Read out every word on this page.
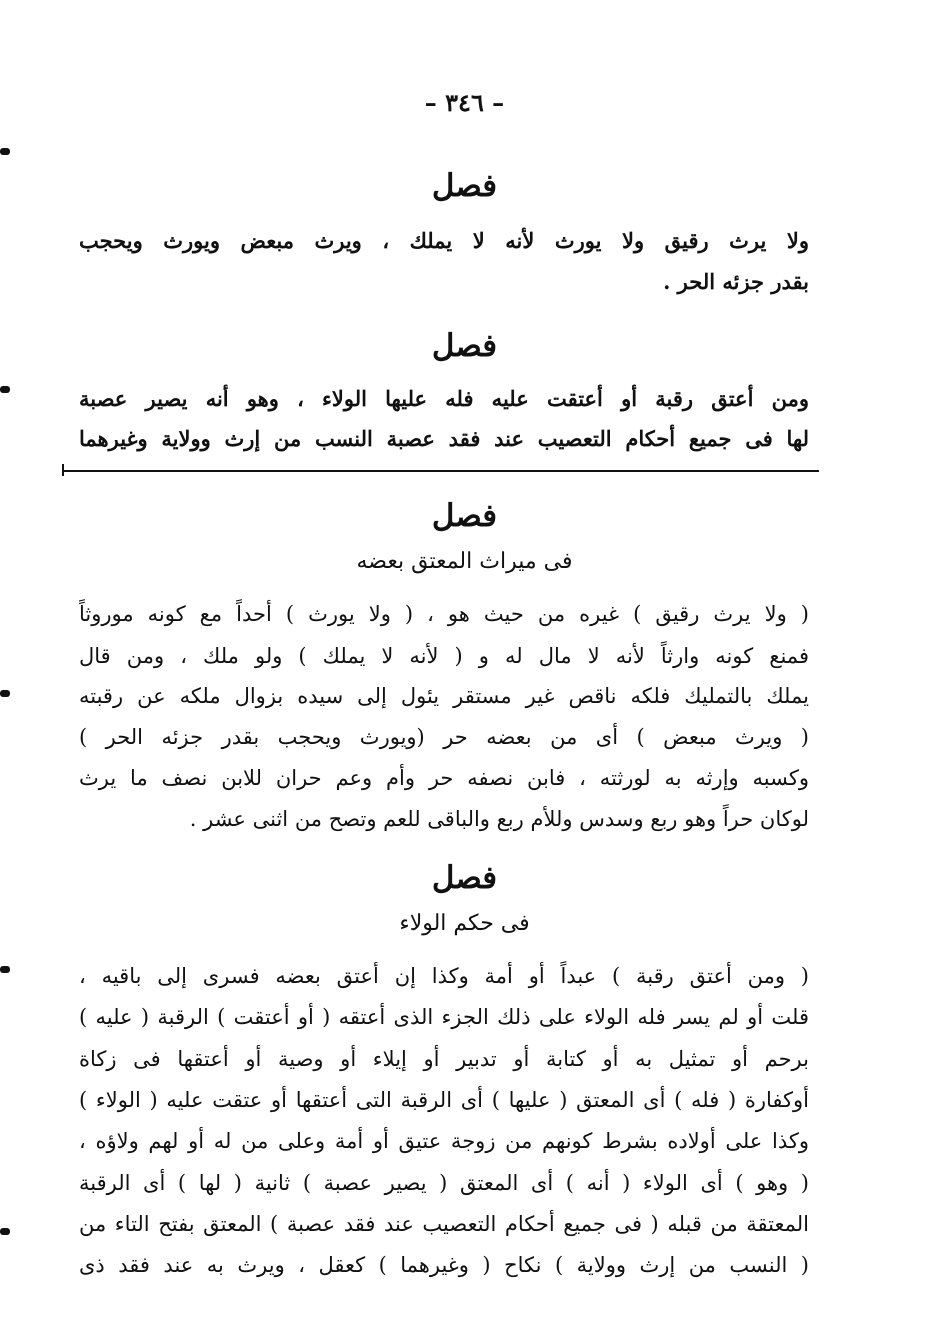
– ٣٤٦ –
فصل
ولا يرث رقيق ولا يورث لأنه لا يملك ، ويرث مبعض ويورث ويحجب
بقدر جزئه الحر .
فصل
ومن أعتق رقبة أو أعتقت عليه فله عليها الولاء ، وهو أنه يصير عصبة
لها فى جميع أحكام التعصيب عند فقد عصبة النسب من إرث وولاية وغيرهما
فصل
فى ميراث المعتق بعضه
( ولا يرث رقيق ) غيره من حيث هو ، ( ولا يورث ) أحداً مع كونه موروثاً
فمنع كونه وارثاً لأنه لا مال له و ( لأنه لا يملك ) ولو ملك ، ومن قال
يملك بالتمليك فلكه ناقص غير مستقر يئول إلى سيده بزوال ملكه عن رقبته
( ويرث مبعض ) أى من بعضه حر (ويورث ويحجب بقدر جزئه الحر )
وكسبه وإرثه به لورثته ، فابن نصفه حر وأم وعم حران للابن نصف ما يرث
لوكان حراً وهو ربع وسدس وللأم ربع والباقى للعم وتصح من اثنى عشر .
فصل
فى حكم الولاء
( ومن أعتق رقبة ) عبداً أو أمة وكذا إن أعتق بعضه فسرى إلى باقيه ،
قلت أو لم يسر فله الولاء على ذلك الجزء الذى أعتقه ( أو أعتقت ) الرقبة ( عليه )
برحم أو تمثيل به أو كتابة أو تدبير أو إيلاء أو وصية أو أعتقها فى زكاة
أوكفارة ( فله ) أى المعتق ( عليها ) أى الرقبة التى أعتقها أو عتقت عليه ( الولاء )
وكذا على أولاده بشرط كونهم من زوجة عتيق أو أمة وعلى من له أو لهم ولاؤه ،
( وهو ) أى الولاء ( أنه ) أى المعتق ( يصير عصبة ) ثانية ( لها ) أى الرقبة
المعتقة من قبله ( فى جميع أحكام التعصيب عند فقد عصبة ) المعتق بفتح التاء من
( النسب من إرث وولاية ) نكاح ( وغيرهما ) كعقل ، ويرث به عند فقد ذى
